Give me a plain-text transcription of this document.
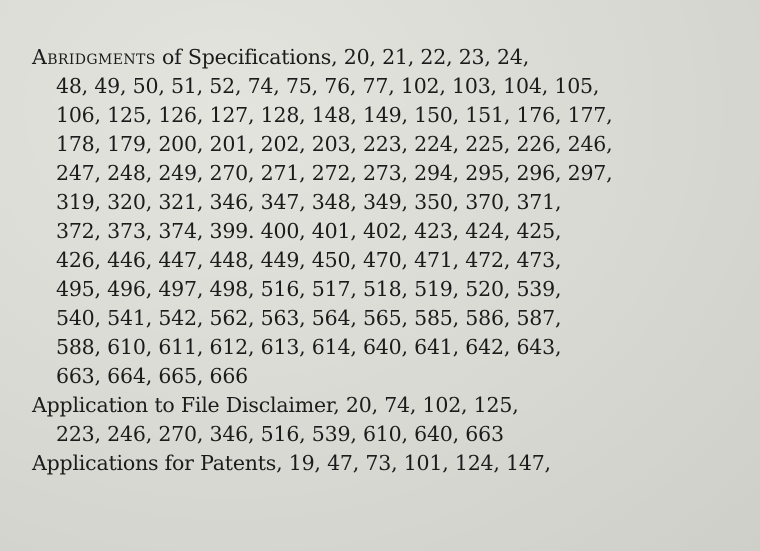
Abridgments of Specifications, 20, 21, 22, 23, 24,
48, 49, 50, 51, 52, 74, 75, 76, 77, 102, 103, 104, 105,
106, 125, 126, 127, 128, 148, 149, 150, 151, 176, 177,
178, 179, 200, 201, 202, 203, 223, 224, 225, 226, 246,
247, 248, 249, 270, 271, 272, 273, 294, 295, 296, 297,
319, 320, 321, 346, 347, 348, 349, 350, 370, 371,
372, 373, 374, 399. 400, 401, 402, 423, 424, 425,
426, 446, 447, 448, 449, 450, 470, 471, 472, 473,
495, 496, 497, 498, 516, 517, 518, 519, 520, 539,
540, 541, 542, 562, 563, 564, 565, 585, 586, 587,
588, 610, 611, 612, 613, 614, 640, 641, 642, 643,
663, 664, 665, 666
Application to File Disclaimer, 20, 74, 102, 125,
223, 246, 270, 346, 516, 539, 610, 640, 663
Applications for Patents, 19, 47, 73, 101, 124, 147,
